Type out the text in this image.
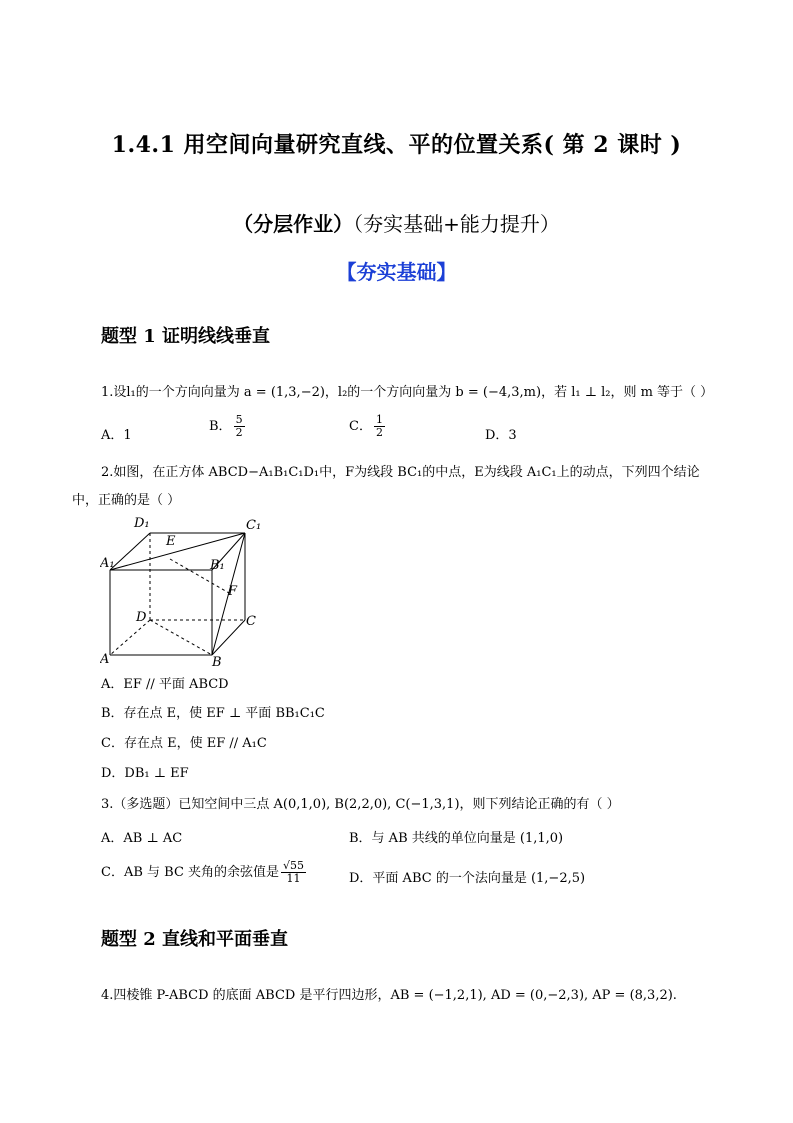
1.4.1 用空间向量研究直线、平的位置关系( 第 2 课时 )
（分层作业）（夯实基础+能力提升）
【夯实基础】
题型 1 证明线线垂直
1.设l₁的一个方向向量为 a = (1,3,−2)，l₂的一个方向向量为 b = (−4,3,m)，若 l₁ ⊥ l₂，则 m 等于（ ）
A．1
B． $\frac{5}{2}$	C． $\frac{1}{2}$	D．3
2.如图，在正方体 ABCD−A₁B₁C₁D₁中，F为线段 BC₁的中点，E为线段 A₁C₁上的动点，下列四个结论
中，正确的是（ ）
D₁	C₁
A₁	B₁
E
F
D	C
A	B
A．EF // 平面 ABCD
B．存在点 E，使 EF ⊥ 平面 BB₁C₁C
C．存在点 E，使 EF // A₁C
D．DB₁ ⊥ EF
3.（多选题）已知空间中三点 A(0,1,0), B(2,2,0), C(−1,3,1)，则下列结论正确的有（ ）
A．AB ⊥ AC	B．与 AB 共线的单位向量是 (1,1,0)
C．AB 与 BC 夹角的余弦值是 $\frac{√55}{11}$	D．平面 ABC 的一个法向量是 (1,−2,5)
题型 2 直线和平面垂直
4.四棱锥 P-ABCD 的底面 ABCD 是平行四边形，AB = (−1,2,1), AD = (0,−2,3), AP = (8,3,2).
